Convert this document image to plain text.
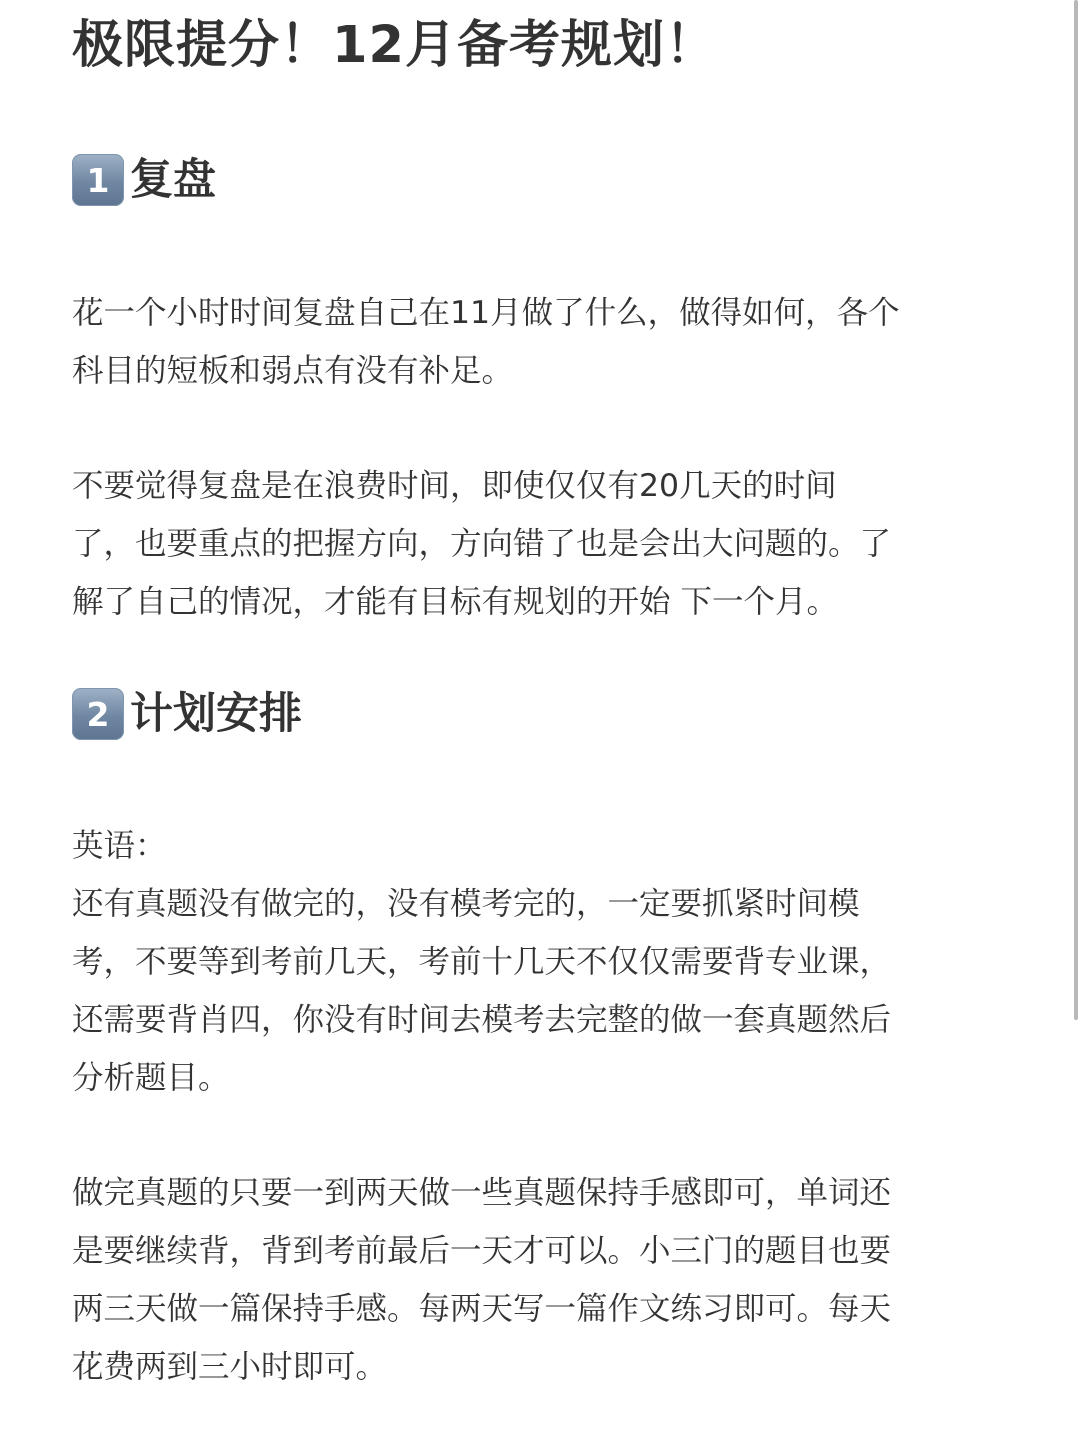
极限提分！12月备考规划！
1 复盘

花一个小时时间复盘自己在11月做了什么，做得如何，各个
科目的短板和弱点有没有补足。

不要觉得复盘是在浪费时间，即使仅仅有20几天的时间
了，也要重点的把握方向，方向错了也是会出大问题的。了
解了自己的情况，才能有目标有规划的开始 下一个月。

2 计划安排

英语：
还有真题没有做完的，没有模考完的，一定要抓紧时间模
考，不要等到考前几天，考前十几天不仅仅需要背专业课，
还需要背肖四，你没有时间去模考去完整的做一套真题然后
分析题目。

做完真题的只要一到两天做一些真题保持手感即可，单词还
是要继续背，背到考前最后一天才可以。小三门的题目也要
两三天做一篇保持手感。每两天写一篇作文练习即可。每天
花费两到三小时即可。
